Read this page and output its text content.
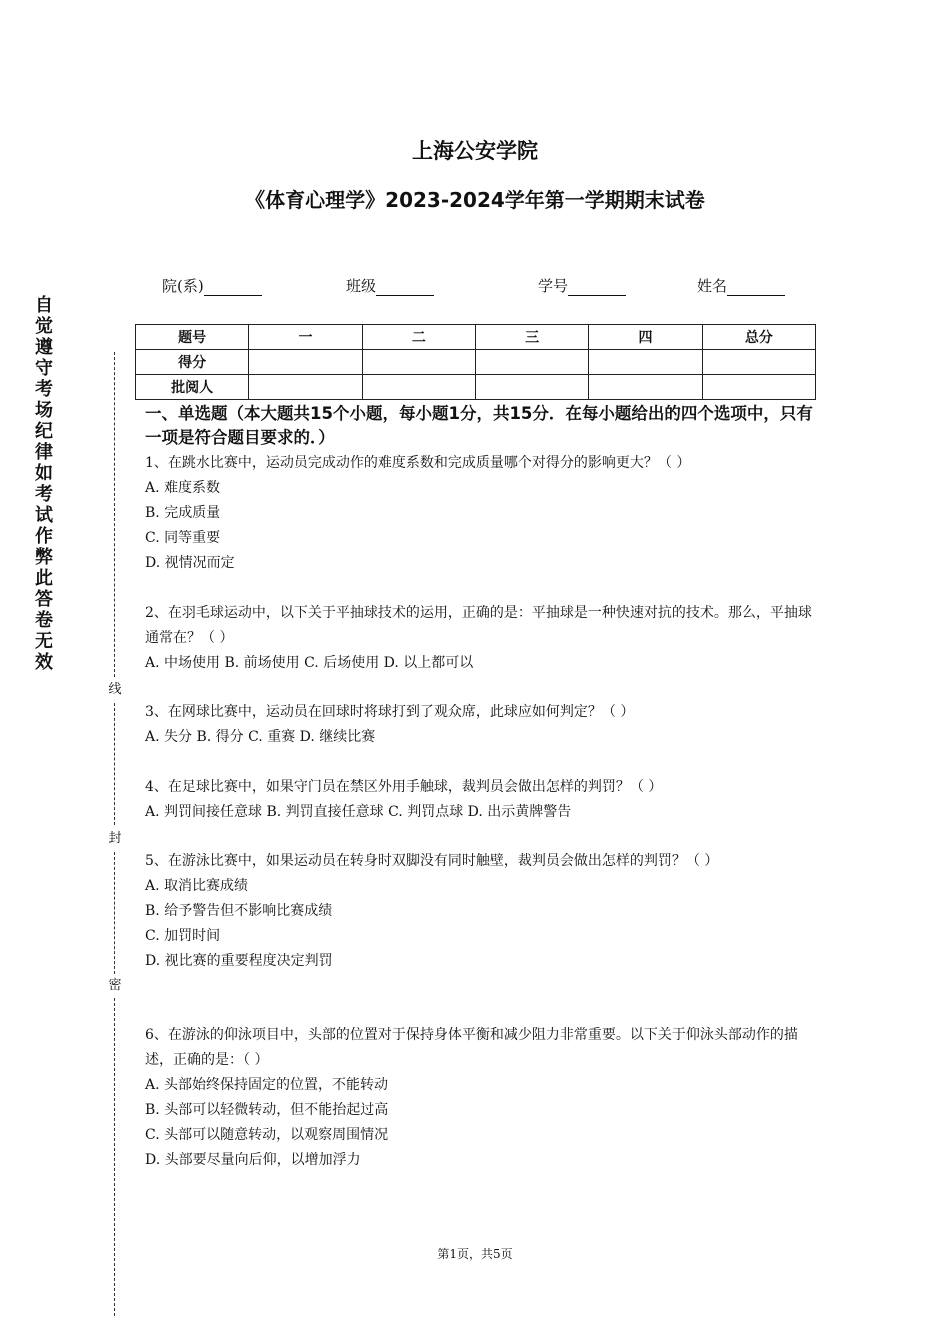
上海公安学院
《体育心理学》2023-2024学年第一学期期末试卷
院(系)	班级	学号	姓名
题号	一	二	三	四	总分
得分					
批阅人					
一、单选题（本大题共15个小题，每小题1分，共15分．在每小题给出的四个选项中，只有一项是符合题目要求的．）

1、在跳水比赛中，运动员完成动作的难度系数和完成质量哪个对得分的影响更大？（ ）

A. 难度系数

B. 完成质量

C. 同等重要

D. 视情况而定

2、在羽毛球运动中，以下关于平抽球技术的运用，正确的是：平抽球是一种快速对抗的技术。那么，平抽球通常在？（ ）

A. 中场使用 B. 前场使用 C. 后场使用 D. 以上都可以

3、在网球比赛中，运动员在回球时将球打到了观众席，此球应如何判定？（ ）

A. 失分 B. 得分 C. 重赛 D. 继续比赛

4、在足球比赛中，如果守门员在禁区外用手触球，裁判员会做出怎样的判罚？（ ）

A. 判罚间接任意球 B. 判罚直接任意球 C. 判罚点球 D. 出示黄牌警告

5、在游泳比赛中，如果运动员在转身时双脚没有同时触壁，裁判员会做出怎样的判罚？（ ）

A. 取消比赛成绩

B. 给予警告但不影响比赛成绩

C. 加罚时间

D. 视比赛的重要程度决定判罚

6、在游泳的仰泳项目中，头部的位置对于保持身体平衡和减少阻力非常重要。以下关于仰泳头部动作的描述，正确的是：（ ）

A. 头部始终保持固定的位置，不能转动

B. 头部可以轻微转动，但不能抬起过高

C. 头部可以随意转动，以观察周围情况

D. 头部要尽量向后仰，以增加浮力

自觉遵守考场纪律如考试作弊此答卷无效
线
封
密
第1页，共5页
